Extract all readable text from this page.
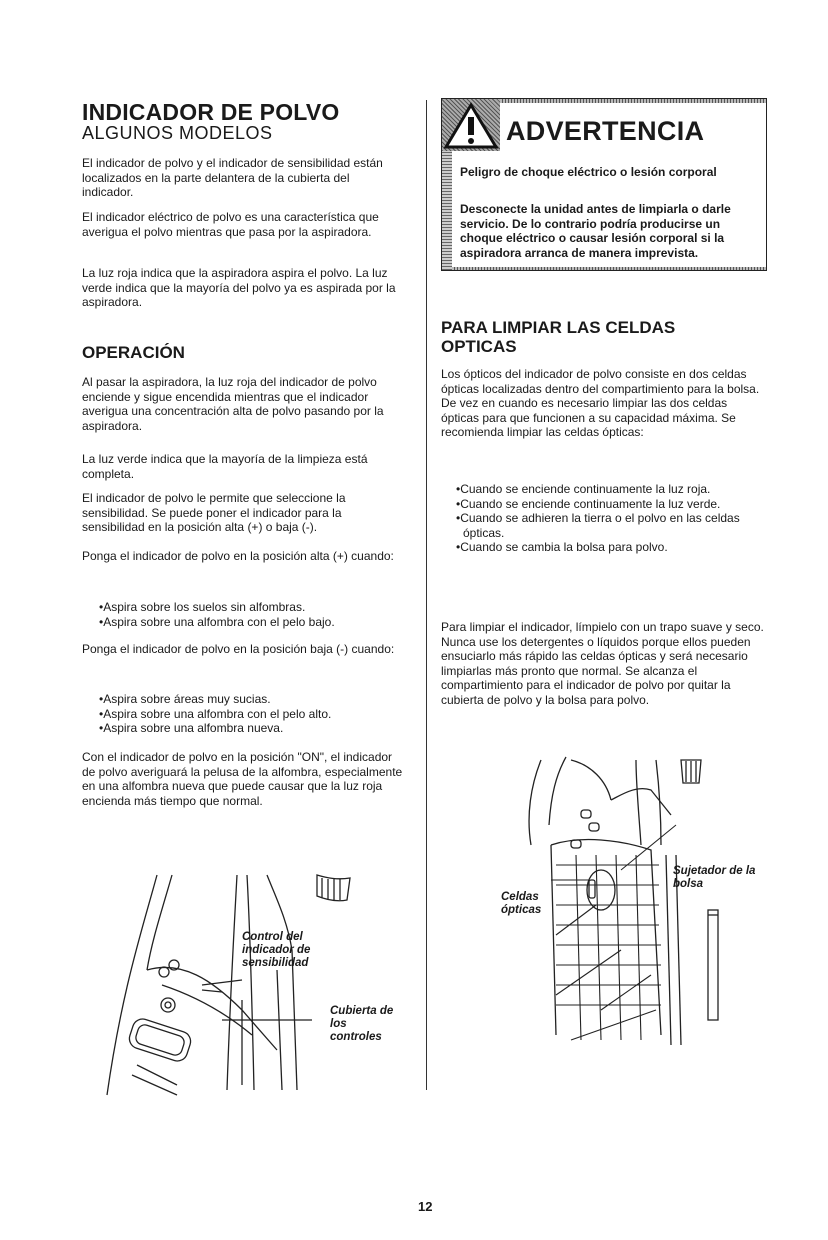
INDICADOR DE POLVO
ALGUNOS MODELOS

El indicador de polvo y el indicador de sensibilidad están localizados en la parte delantera de la cubierta del indicador.

El indicador eléctrico de polvo es una característica que averigua el polvo mientras que pasa por la aspiradora.

La luz roja indica que la aspiradora aspira el polvo. La luz verde indica que la mayoría del polvo ya es aspirada por la aspiradora.

OPERACIÓN

Al pasar la aspiradora, la luz roja del indicador de polvo enciende y sigue encendida mientras que el indicador averigua una concentración alta de polvo pasando por la aspiradora.

La luz verde indica que la mayoría de la limpieza está completa.

El indicador de polvo le permite que seleccione la sensibilidad. Se puede poner el indicador para la sensibilidad en la posición alta (+) o baja (-).

Ponga el indicador de polvo en la posición alta (+) cuando:

•Aspira sobre los suelos sin alfombras.
•Aspira sobre una alfombra con el pelo bajo.

Ponga el indicador de polvo en la posición baja (-) cuando:

•Aspira sobre áreas muy sucias.
•Aspira sobre una alfombra con el pelo alto.
•Aspira sobre una alfombra nueva.

Con el indicador de polvo en la posición "ON", el indicador de polvo averiguará la pelusa de la alfombra, especialmente en una alfombra nueva que puede causar que la luz roja encienda más tiempo que normal.

Control del indicador de sensibilidad
Cubierta de los controles
ADVERTENCIA
Peligro de choque eléctrico o lesión corporal
Desconecte la unidad antes de limpiarla o darle servicio. De lo contrario podría producirse un choque eléctrico o causar lesión corporal si la aspiradora arranca de manera imprevista.
PARA LIMPIAR LAS CELDAS OPTICAS

Los ópticos del indicador de polvo consiste en dos celdas ópticas localizadas dentro del compartimiento para la bolsa. De vez en cuando es necesario limpiar las dos celdas ópticas para que funcionen a su capacidad máxima. Se recomienda limpiar las celdas ópticas:

•Cuando se enciende continuamente la luz roja.
•Cuando se enciende continuamente la luz verde.
•Cuando se adhieren la tierra o el polvo en las celdas ópticas.
•Cuando se cambia la bolsa para polvo.

Para limpiar el indicador, límpielo con un trapo suave y seco. Nunca use los detergentes o líquidos porque ellos pueden ensuciarlo más rápido las celdas ópticas y será necesario limpiarlas más pronto que normal. Se alcanza el compartimiento para el indicador de polvo por quitar la cubierta de polvo y la bolsa para polvo.

Sujetador de la bolsa
Celdas ópticas
12
